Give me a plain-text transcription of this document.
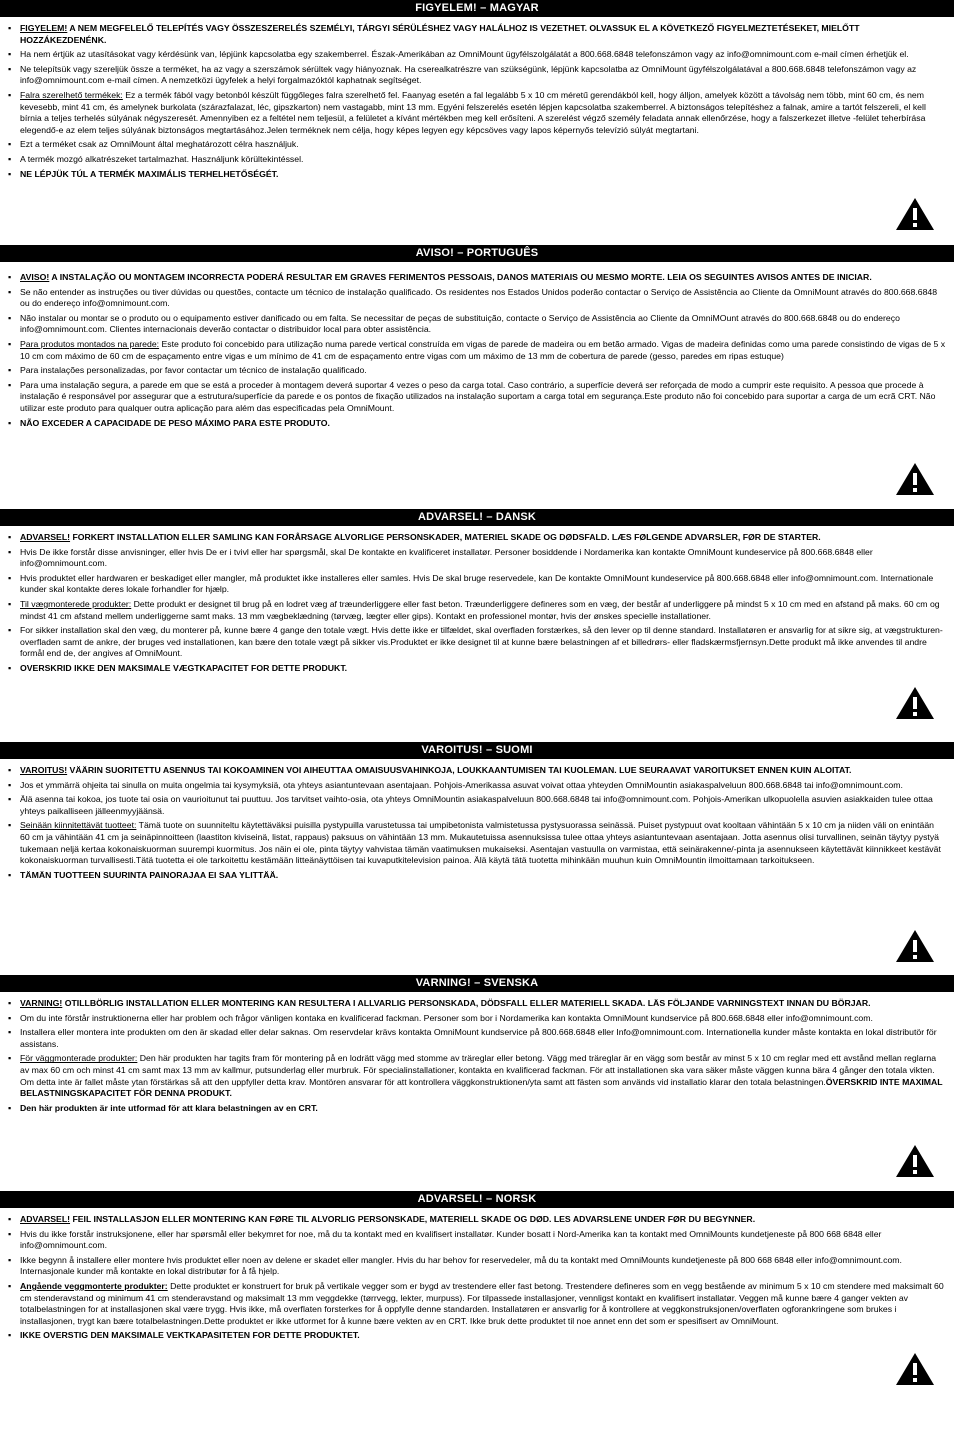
FIGYELEM! – MAGYAR
▪ FIGYELEM! A NEM MEGFELELŐ TELEPÍTÉS VAGY ÖSSZESZERELÉS SZEMÉLYI, TÁRGYI SÉRÜLÉSHEZ VAGY HALÁLHOZ IS VEZETHET. OLVASSUK EL A KÖVETKEZŐ FIGYELMEZTETÉSEKET, MIELŐTT HOZZÁKEZDENÉNK.
▪ Ha nem értjük az utasításokat vagy kérdésünk van, lépjünk kapcsolatba egy szakemberrel. Észak-Amerikában az OmniMount ügyfélszolgálatát a 800.668.6848 telefonszámon vagy az info@omnimount.com e-mail címen érhetjük el.
▪ Ne telepítsük vagy szereljük össze a terméket, ha az vagy a szerszámok sérültek vagy hiányoznak. Ha cserealkatrészre van szükségünk, lépjünk kapcsolatba az OmniMount ügyfélszolgálatával a 800.668.6848 telefonszámon vagy az info@omnimount.com e-mail címen. A nemzetközi ügyfelek a helyi forgalmazóktól kaphatnak segítséget.
▪ Falra szerelhető termékek: Ez a termék fából vagy betonból készült függőleges falra szerelhető fel. Faanyag esetén a fal legalább 5 x 10 cm méretű gerendákból kell, hogy álljon, amelyek között a távolság nem több, mint 60 cm, és nem kevesebb, mint 41 cm, és amelynek burkolata (szárazfalazat, léc, gipszkarton) nem vastagabb, mint 13 mm. Egyéni felszerelés esetén lépjen kapcsolatba szakemberrel. A biztonságos telepítéshez a falnak, amire a tartót felszereli, el kell bírnia a teljes terhelés súlyának négyszeresét. Amennyiben ez a feltétel nem teljesül, a felületet a kívánt mértékben meg kell erősíteni. A szerelést végző személy feladata annak ellenőrzése, hogy a falszerkezet illetve -felület teherbírása elegendő-e az elem teljes súlyának biztonságos megtartásához.Jelen terméknek nem célja, hogy képes legyen egy képcsöves vagy lapos képernyős televízió súlyát megtartani.
▪ Ezt a terméket csak az OmniMount által meghatározott célra használjuk.
▪ A termék mozgó alkatrészeket tartalmazhat. Használjunk körültekintéssel.
▪ NE LÉPJÜK TÚL A TERMÉK MAXIMÁLIS TERHELHETŐSÉGÉT.
AVISO! – PORTUGUÊS
▪ AVISO! A INSTALAÇÃO OU MONTAGEM INCORRECTA PODERÁ RESULTAR EM GRAVES FERIMENTOS PESSOAIS, DANOS MATERIAIS OU MESMO MORTE. LEIA OS SEGUINTES AVISOS ANTES DE INICIAR.
▪ Se não entender as instruções ou tiver dúvidas ou questões, contacte um técnico de instalação qualificado. Os residentes nos Estados Unidos poderão contactar o Serviço de Assistência ao Cliente da OmniMount através do 800.668.6848 ou do endereço info@omnimount.com.
▪ Não instalar ou montar se o produto ou o equipamento estiver danificado ou em falta. Se necessitar de peças de substituição, contacte o Serviço de Assistência ao Cliente da OmniMOunt através do 800.668.6848 ou do endereço info@omnimount.com. Clientes internacionais deverão contactar o distribuidor local para obter assistência.
▪ Para produtos montados na parede: Este produto foi concebido para utilização numa parede vertical construída em vigas de parede de madeira ou em betão armado. Vigas de madeira definidas como uma parede consistindo de vigas de 5 x 10 cm com máximo de 60 cm de espaçamento entre vigas e um mínimo de 41 cm de espaçamento entre vigas com um máximo de 13 mm de cobertura de parede (gesso, paredes em ripas estuque)
▪ Para instalações personalizadas, por favor contactar um técnico de instalação qualificado.
▪ Para uma instalação segura, a parede em que se está a proceder à montagem deverá suportar 4 vezes o peso da carga total. Caso contrário, a superfície deverá ser reforçada de modo a cumprir este requisito. A pessoa que procede à instalação é responsável por assegurar que a estrutura/superfície da parede e os pontos de fixação utilizados na instalação suportam a carga total em segurança.Este produto não foi concebido para suportar a carga de um ecrã CRT. Não utilizar este produto para qualquer outra aplicação para além das especificadas pela OmniMount.
▪ NÃO EXCEDER A CAPACIDADE DE PESO MÁXIMO PARA ESTE PRODUTO.
ADVARSEL! – DANSK
▪ ADVARSEL! FORKERT INSTALLATION ELLER SAMLING KAN FORÅRSAGE ALVORLIGE PERSONSKADER, MATERIEL SKADE OG DØDSFALD. LÆS FØLGENDE ADVARSLER, FØR DE STARTER.
▪ Hvis De ikke forstår disse anvisninger, eller hvis De er i tvivl eller har spørgsmål, skal De kontakte en kvalificeret installatør. Personer bosiddende i Nordamerika kan kontakte OmniMount kundeservice på 800.668.6848 eller info@omnimount.com.
▪ Hvis produktet eller hardwaren er beskadiget eller mangler, må produktet ikke installeres eller samles. Hvis De skal bruge reservedele, kan De kontakte OmniMount kundeservice på 800.668.6848 eller info@omnimount.com. Internationale kunder skal kontakte deres lokale forhandler for hjælp.
▪ Til vægmonterede produkter: Dette produkt er designet til brug på en lodret væg af træunderliggere eller fast beton. Træunderliggere defineres som en væg, der består af underliggere på mindst 5 x 10 cm med en afstand på maks. 60 cm og mindst 41 cm afstand mellem underliggerne samt maks. 13 mm vægbeklædning (tørvæg, lægter eller gips). Kontakt en professionel montør, hvis der ønskes specielle installationer.
▪ For sikker installation skal den væg, du monterer på, kunne bære 4 gange den totale vægt. Hvis dette ikke er tilfældet, skal overfladen forstærkes, så den lever op til denne standard. Installatøren er ansvarlig for at sikre sig, at vægstrukturen-overfladen samt de ankre, der bruges ved installationen, kan bære den totale vægt på sikker vis.Produktet er ikke designet til at kunne bære belastningen af et billedrørs- eller fladskærmsfjernsyn.Dette produkt må ikke anvendes til andre formål end de, der angives af OmniMount.
▪ OVERSKRID IKKE DEN MAKSIMALE VÆGTKAPACITET FOR DETTE PRODUKT.
VAROITUS! – SUOMI
▪ VAROITUS! VÄÄRIN SUORITETTU ASENNUS TAI KOKOAMINEN VOI AIHEUTTAA OMAISUUSVAHINKOJA, LOUKKAANTUMISEN TAI KUOLEMAN. LUE SEURAAVAT VAROITUKSET ENNEN KUIN ALOITAT.
▪ Jos et ymmärrä ohjeita tai sinulla on muita ongelmia tai kysymyksiä, ota yhteys asiantuntevaan asentajaan. Pohjois-Amerikassa asuvat voivat ottaa yhteyden OmniMountin asiakaspalveluun 800.668.6848 tai info@omnimount.com.
▪ Älä asenna tai kokoa, jos tuote tai osia on vaurioitunut tai puuttuu. Jos tarvitset vaihto-osia, ota yhteys OmniMountin asiakaspalveluun 800.668.6848 tai info@omnimount.com. Pohjois-Amerikan ulkopuolella asuvien asiakkaiden tulee ottaa yhteys paikalliseen jälleenmyyjäänsä.
▪ Seinään kiinnitettävät tuotteet: Tämä tuote on suunniteltu käytettäväksi puisilla pystypuilla varustetussa tai umpibetonista valmistetussa pystysuorassa seinässä. Puiset pystypuut ovat kooltaan vähintään 5 x 10 cm ja niiden väli on enintään 60 cm ja vähintään 41 cm ja seinäpinnoitteen (laastiton kiviseinä, listat, rappaus) paksuus on vähintään 13 mm. Mukautetuissa asennuksissa tulee ottaa yhteys asiantuntevaan asentajaan. Jotta asennus olisi turvallinen, seinän täytyy pystyä tukemaan neljä kertaa kokonaiskuorman suurempi kuormitus. Jos näin ei ole, pinta täytyy vahvistaa tämän vaatimuksen mukaiseksi. Asentajan vastuulla on varmistaa, että seinärakenne/-pinta ja asennukseen käytettävät kiinnikkeet kestävät kokonaiskuorman turvallisesti.Tätä tuotetta ei ole tarkoitettu kestämään litteänäyttöisen tai kuvaputkitelevision painoa. Älä käytä tätä tuotetta mihinkään muuhun kuin OmniMountin ilmoittamaan tarkoitukseen.
▪ TÄMÄN TUOTTEEN SUURINTA PAINORAJAA EI SAA YLITTÄÄ.
VARNING! – SVENSKA
▪ VARNING! OTILLBÖRLIG INSTALLATION ELLER MONTERING KAN RESULTERA I ALLVARLIG PERSONSKADA, DÖDSFALL ELLER MATERIELL SKADA. LÄS FÖLJANDE VARNINGSTEXT INNAN DU BÖRJAR.
▪ Om du inte förstår instruktionerna eller har problem och frågor vänligen kontaka en kvalificerad fackman. Personer som bor i Nordamerika kan kontakta OmniMount kundservice på 800.668.6848 eller info@omnimount.com.
▪ Installera eller montera inte produkten om den är skadad eller delar saknas. Om reservdelar krävs kontakta OmniMount kundservice på 800.668.6848 eller Info@omnimount.com. Internationella kunder måste kontakta en lokal distributör för assistans.
▪ För väggmonterade produkter: Den här produkten har tagits fram för montering på en lodrätt vägg med stomme av träreglar eller betong. Vägg med träreglar är en vägg som består av minst 5 x 10 cm reglar med ett avstånd mellan reglarna av max 60 cm och minst 41 cm samt max 13 mm av kallmur, putsunderlag eller murbruk. För specialinstallationer, kontakta en kvalificerad fackman. För att installationen ska vara säker måste väggen kunna bära 4 gånger den totala vikten. Om detta inte är fallet måste ytan förstärkas så att den uppfyller detta krav. Montören ansvarar för att kontrollera väggkonstruktionen/yta samt att fästen som används vid installatio klarar den totala belastningen.ÖVERSKRID INTE MAXIMAL BELASTNINGSKAPACITET FÖR DENNA PRODUKT.
▪ Den här produkten är inte utformad för att klara belastningen av en CRT.
ADVARSEL! – NORSK
▪ ADVARSEL! FEIL INSTALLASJON ELLER MONTERING KAN FØRE TIL ALVORLIG PERSONSKADE, MATERIELL SKADE OG DØD. LES ADVARSLENE UNDER FØR DU BEGYNNER.
▪ Hvis du ikke forstår instruksjonene, eller har spørsmål eller bekymret for noe, må du ta kontakt med en kvalifisert installatør. Kunder bosatt i Nord-Amerika kan ta kontakt med OmniMounts kundetjeneste på 800 668 6848 eller info@omnimount.com.
▪ Ikke begynn å installere eller montere hvis produktet eller noen av delene er skadet eller mangler. Hvis du har behov for reservedeler, må du ta kontakt med OmniMounts kundetjeneste på 800 668 6848 eller info@omnimount.com. Internasjonale kunder må kontakte en lokal distributør for å få hjelp.
▪ Angående veggmonterte produkter: Dette produktet er konstruert for bruk på vertikale vegger som er bygd av trestendere eller fast betong. Trestendere defineres som en vegg bestående av minimum 5 x 10 cm stendere med maksimalt 60 cm stenderavstand og minimum 41 cm stenderavstand og maksimalt 13 mm veggdekke (tørrvegg, lekter, murpuss). For tilpassede installasjoner, vennligst kontakt en kvalifisert installatør. Veggen må kunne bære 4 ganger vekten av totalbelastningen for at installasjonen skal være trygg. Hvis ikke, må overflaten forsterkes for å oppfylle denne standarden. Installatøren er ansvarlig for å kontrollere at veggkonstruksjonen/overflaten ogforankringene som brukes i installasjonen, trygt kan bære totalbelastningen.Dette produktet er ikke utformet for å kunne bære vekten av en CRT. Ikke bruk dette produktet til noe annet enn det som er spesifisert av OmniMount.
▪ IKKE OVERSTIG DEN MAKSIMALE VEKTKAPASITETEN FOR DETTE PRODUKTET.
